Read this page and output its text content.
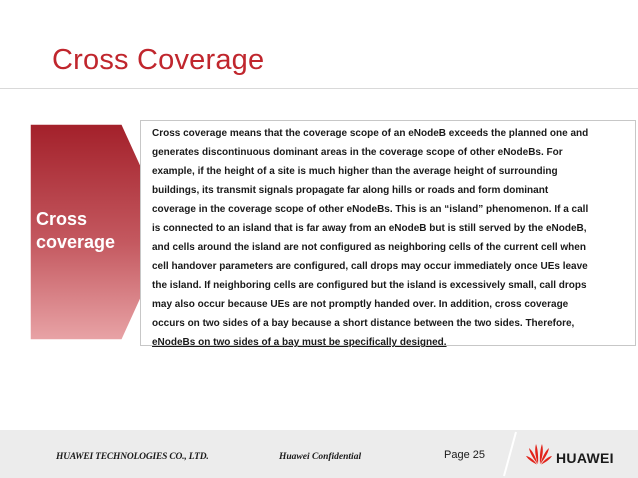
Cross Coverage
Cross
coverage
Cross coverage means that the coverage scope of an eNodeB exceeds the planned one and
generates discontinuous dominant areas in the coverage scope of other eNodeBs. For
example, if the height of a site is much higher than the average height of surrounding
buildings, its transmit signals propagate far along hills or roads and form dominant
coverage in the coverage scope of other eNodeBs. This is an “island” phenomenon. If a call
is connected to an island that is far away from an eNodeB but is still served by the eNodeB,
and cells around the island are not configured as neighboring cells of the current cell when
cell handover parameters are configured, call drops may occur immediately once UEs leave
the island. If neighboring cells are configured but the island is excessively small, call drops
may also occur because UEs are not promptly handed over. In addition, cross coverage
occurs on two sides of a bay because a short distance between the two sides. Therefore,
eNodeBs on two sides of a bay must be specifically designed.
HUAWEI TECHNOLOGIES CO., LTD.	Huawei Confidential	Page 25	HUAWEI
